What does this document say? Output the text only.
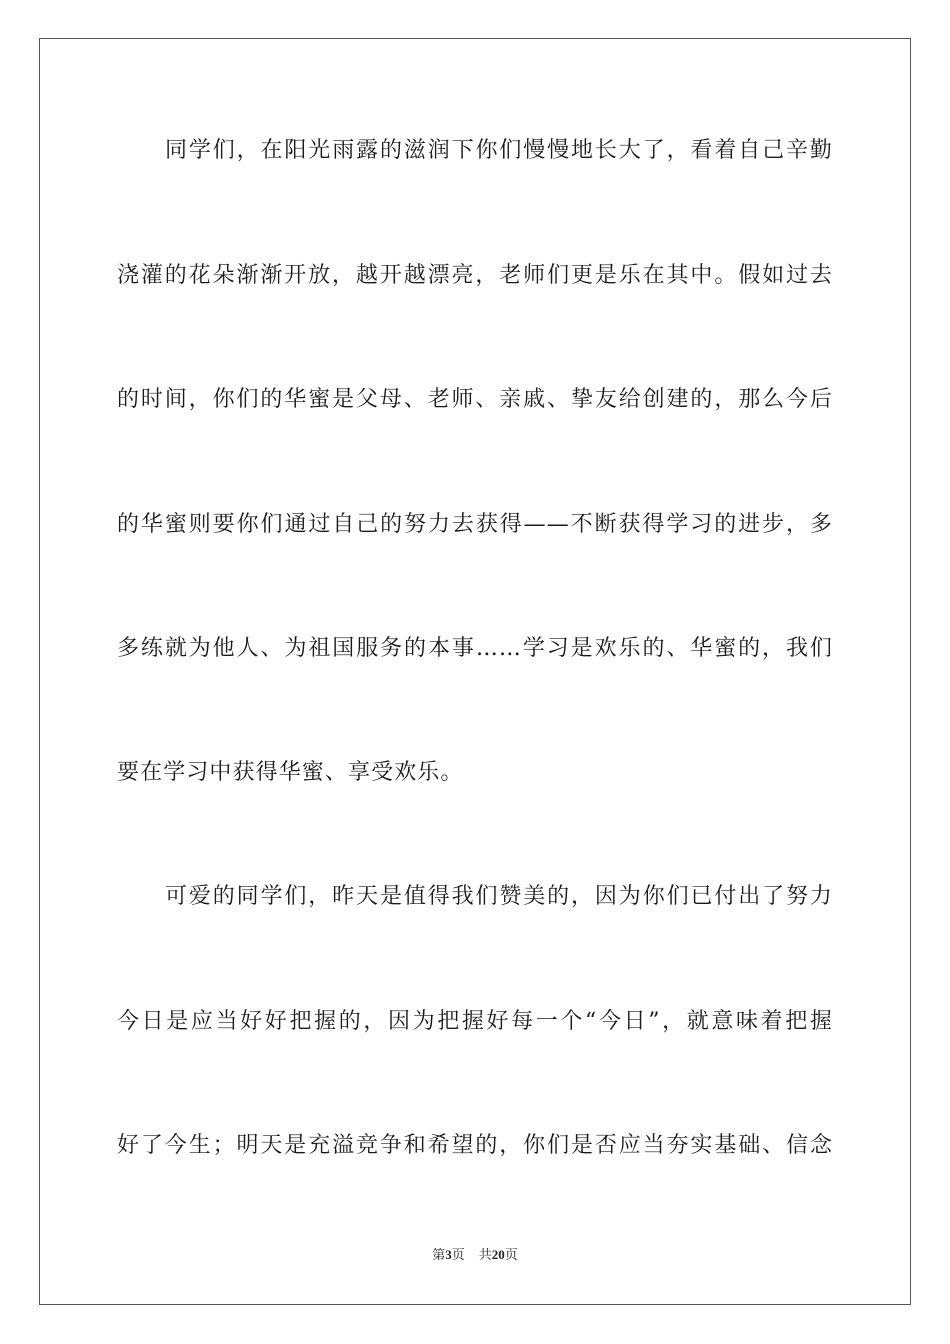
同学们，在阳光雨露的滋润下你们慢慢地长大了，看着自己辛勤
浇灌的花朵渐渐开放，越开越漂亮，老师们更是乐在其中。假如过去
的时间，你们的华蜜是父母、老师、亲戚、挚友给创建的，那么今后
的华蜜则要你们通过自己的努力去获得——不断获得学习的进步，多
多练就为他人、为祖国服务的本事……学习是欢乐的、华蜜的，我们
要在学习中获得华蜜、享受欢乐。
可爱的同学们，昨天是值得我们赞美的，因为你们已付出了努力
今日是应当好好把握的，因为把握好每一个“今日”，就意味着把握
好了今生；明天是充溢竞争和希望的，你们是否应当夯实基础、信念
第3页 共20页
